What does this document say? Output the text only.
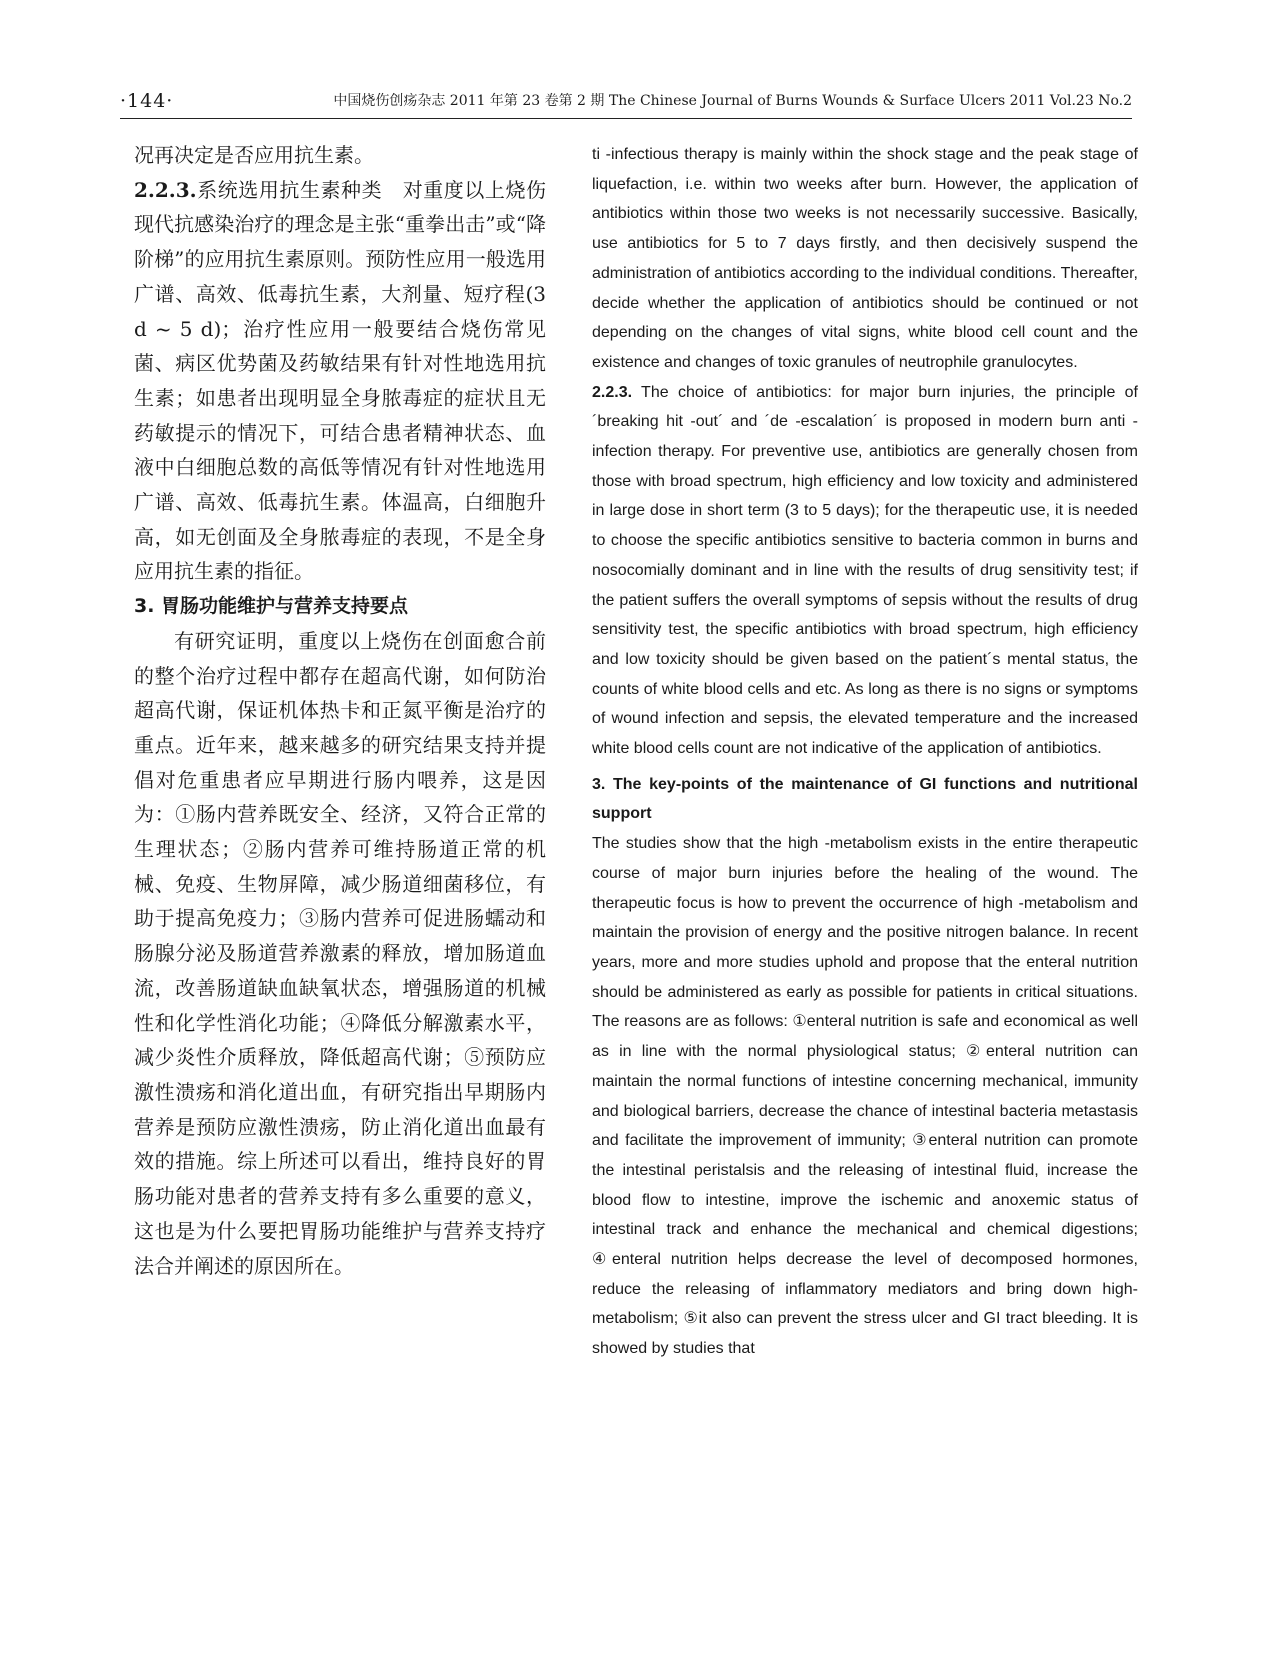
·144·	中国烧伤创疡杂志 2011 年第 23 卷第 2 期 The Chinese Journal of Burns Wounds & Surface Ulcers 2011 Vol.23 No.2

况再决定是否应用抗生素。

2.2.3.系统选用抗生素种类　对重度以上烧伤现代抗感染治疗的理念是主张“重拳出击”或“降阶梯”的应用抗生素原则。预防性应用一般选用广谱、高效、低毒抗生素，大剂量、短疗程(3 d ~ 5 d)；治疗性应用一般要结合烧伤常见菌、病区优势菌及药敏结果有针对性地选用抗生素；如患者出现明显全身脓毒症的症状且无药敏提示的情况下，可结合患者精神状态、血液中白细胞总数的高低等情况有针对性地选用广谱、高效、低毒抗生素。体温高，白细胞升高，如无创面及全身脓毒症的表现，不是全身应用抗生素的指征。

3. 胃肠功能维护与营养支持要点

有研究证明，重度以上烧伤在创面愈合前的整个治疗过程中都存在超高代谢，如何防治超高代谢，保证机体热卡和正氮平衡是治疗的重点。近年来，越来越多的研究结果支持并提倡对危重患者应早期进行肠内喂养，这是因为：①肠内营养既安全、经济，又符合正常的生理状态；②肠内营养可维持肠道正常的机械、免疫、生物屏障，减少肠道细菌移位，有助于提高免疫力；③肠内营养可促进肠蠕动和肠腺分泌及肠道营养激素的释放，增加肠道血流，改善肠道缺血缺氧状态，增强肠道的机械性和化学性消化功能；④降低分解激素水平，减少炎性介质释放，降低超高代谢；⑤预防应激性溃疡和消化道出血，有研究指出早期肠内营养是预防应激性溃疡，防止消化道出血最有效的措施。综上所述可以看出，维持良好的胃肠功能对患者的营养支持有多么重要的意义，这也是为什么要把胃肠功能维护与营养支持疗法合并阐述的原因所在。

ti -infectious therapy is mainly within the shock stage and the peak stage of liquefaction, i.e. within two weeks after burn. However, the application of antibiotics within those two weeks is not necessarily successive. Basically, use antibiotics for 5 to 7 days firstly, and then decisively suspend the administration of antibiotics according to the individual conditions. Thereafter, decide whether the application of antibiotics should be continued or not depending on the changes of vital signs, white blood cell count and the existence and changes of toxic granules of neutrophile granulocytes.

2.2.3. The choice of antibiotics: for major burn injuries, the principle of ´breaking hit -out´ and ´de -escalation´ is proposed in modern burn anti -infection therapy. For preventive use, antibiotics are generally chosen from those with broad spectrum, high efficiency and low toxicity and administered in large dose in short term (3 to 5 days); for the therapeutic use, it is needed to choose the specific antibiotics sensitive to bacteria common in burns and nosocomially dominant and in line with the results of drug sensitivity test; if the patient suffers the overall symptoms of sepsis without the results of drug sensitivity test, the specific antibiotics with broad spectrum, high efficiency and low toxicity should be given based on the patient´s mental status, the counts of white blood cells and etc. As long as there is no signs or symptoms of wound infection and sepsis, the elevated temperature and the increased white blood cells count are not indicative of the application of antibiotics.

3. The key-points of the maintenance of GI functions and nutritional support

The studies show that the high -metabolism exists in the entire therapeutic course of major burn injuries before the healing of the wound. The therapeutic focus is how to prevent the occurrence of high -metabolism and maintain the provision of energy and the positive nitrogen balance. In recent years, more and more studies uphold and propose that the enteral nutrition should be administered as early as possible for patients in critical situations. The reasons are as follows: ①enteral nutrition is safe and economical as well as in line with the normal physiological status; ②enteral nutrition can maintain the normal functions of intestine concerning mechanical, immunity and biological barriers, decrease the chance of intestinal bacteria metastasis and facilitate the improvement of immunity; ③enteral nutrition can promote the intestinal peristalsis and the releasing of intestinal fluid, increase the blood flow to intestine, improve the ischemic and anoxemic status of intestinal track and enhance the mechanical and chemical digestions; ④enteral nutrition helps decrease the level of decomposed hormones, reduce the releasing of inflammatory mediators and bring down high-metabolism; ⑤it also can prevent the stress ulcer and GI tract bleeding. It is showed by studies that
